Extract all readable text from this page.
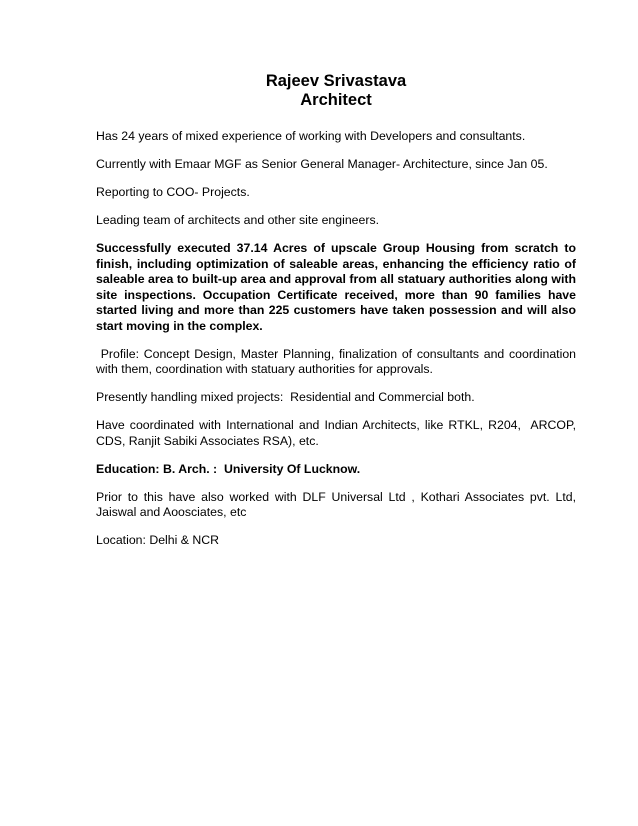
Rajeev Srivastava
Architect

Has 24 years of mixed experience of working with Developers and consultants.

Currently with Emaar MGF as Senior General Manager- Architecture, since Jan 05.

Reporting to COO- Projects.

Leading team of architects and other site engineers.

Successfully executed 37.14 Acres of upscale Group Housing from scratch to finish, including optimization of saleable areas, enhancing the efficiency ratio of saleable area to built-up area and approval from all statuary authorities along with site inspections. Occupation Certificate received, more than 90 families have started living and more than 225 customers have taken possession and will also start moving in the complex.

Profile: Concept Design, Master Planning, finalization of consultants and coordination with them, coordination with statuary authorities for approvals.

Presently handling mixed projects:  Residential and Commercial both.

Have coordinated with International and Indian Architects, like RTKL, R204,  ARCOP, CDS, Ranjit Sabiki Associates RSA), etc.

Education: B. Arch. :  University Of Lucknow.

Prior to this have also worked with DLF Universal Ltd , Kothari Associates pvt. Ltd, Jaiswal and Aoosciates, etc

Location: Delhi & NCR
